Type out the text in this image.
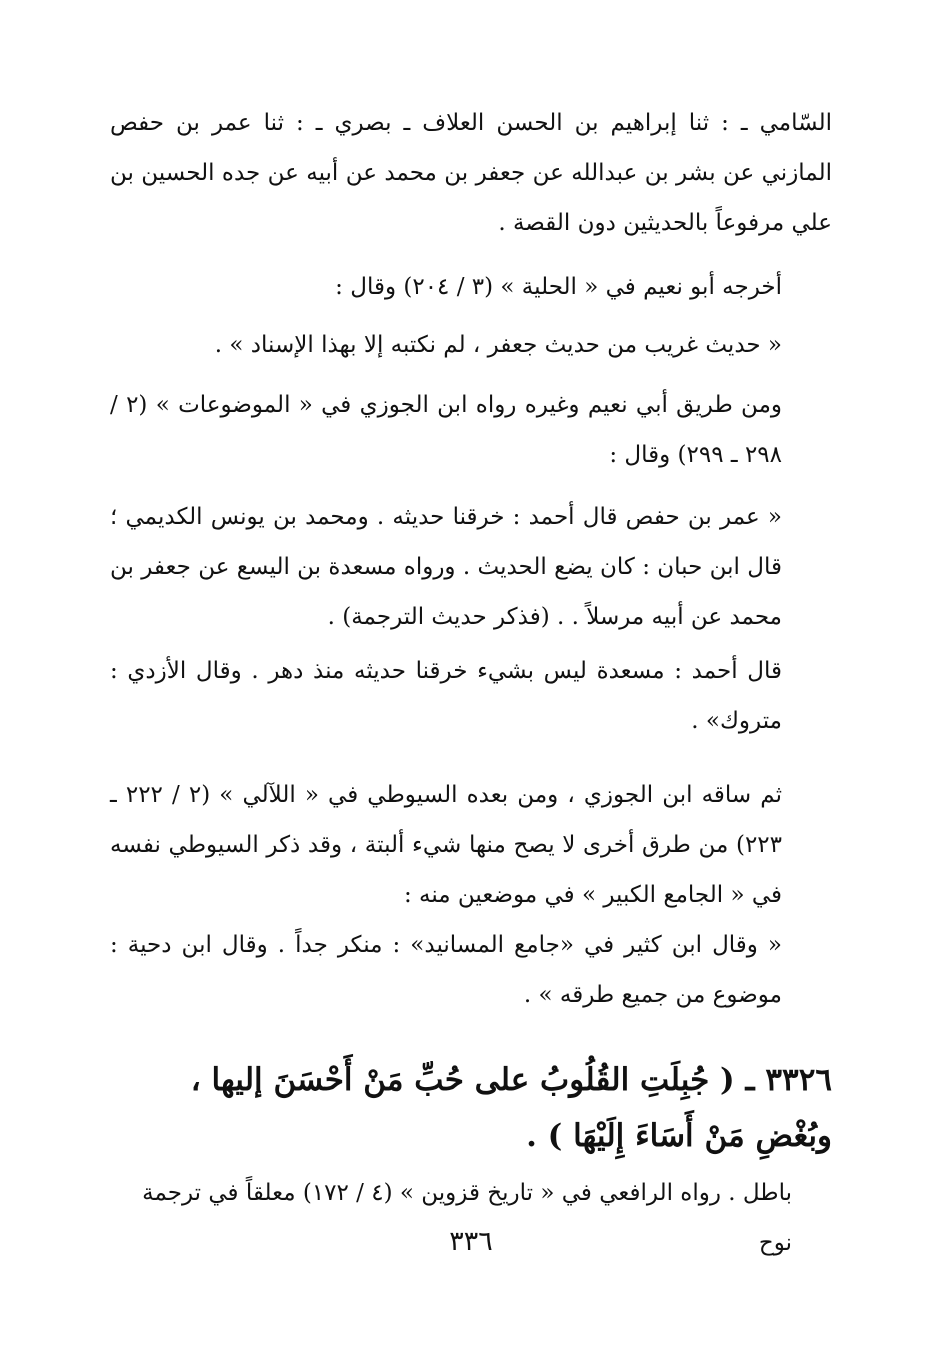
السّامي ـ : ثنا إبراهيم بن الحسن العلاف ـ بصري ـ : ثنا عمر بن حفص المازني عن بشر بن عبدالله عن جعفر بن محمد عن أبيه عن جده الحسين بن علي مرفوعاً بالحديثين دون القصة .

أخرجه أبو نعيم في « الحلية » (٣ / ٢٠٤) وقال :

« حديث غريب من حديث جعفر ، لم نكتبه إلا بهذا الإسناد » .

ومن طريق أبي نعيم وغيره رواه ابن الجوزي في « الموضوعات » (٢ / ٢٩٨ ـ ٢٩٩) وقال :

« عمر بن حفص قال أحمد : خرقنا حديثه . ومحمد بن يونس الكديمي ؛ قال ابن حبان : كان يضع الحديث . ورواه مسعدة بن اليسع عن جعفر بن محمد عن أبيه مرسلاً . . (فذكر حديث الترجمة) .

قال أحمد : مسعدة ليس بشيء خرقنا حديثه منذ دهر . وقال الأزدي : متروك» .

ثم ساقه ابن الجوزي ، ومن بعده السيوطي في « اللآلي » (٢ / ٢٢٢ ـ ٢٢٣) من طرق أخرى لا يصح منها شيء ألبتة ، وقد ذكر السيوطي نفسه في « الجامع الكبير » في موضعين منه :

« وقال ابن كثير في «جامع المسانيد» : منكر جداً . وقال ابن دحية : موضوع من جميع طرقه » .

٣٣٢٦ ـ ( جُبِلَتِ القُلُوبُ على حُبِّ مَنْ أَحْسَنَ إليها ، وبُغْضِ مَنْ أَسَاءَ إِلَيْهَا ) .

باطل . رواه الرافعي في « تاريخ قزوين » (٤ / ١٧٢) معلقاً في ترجمة نوح

٣٣٦
